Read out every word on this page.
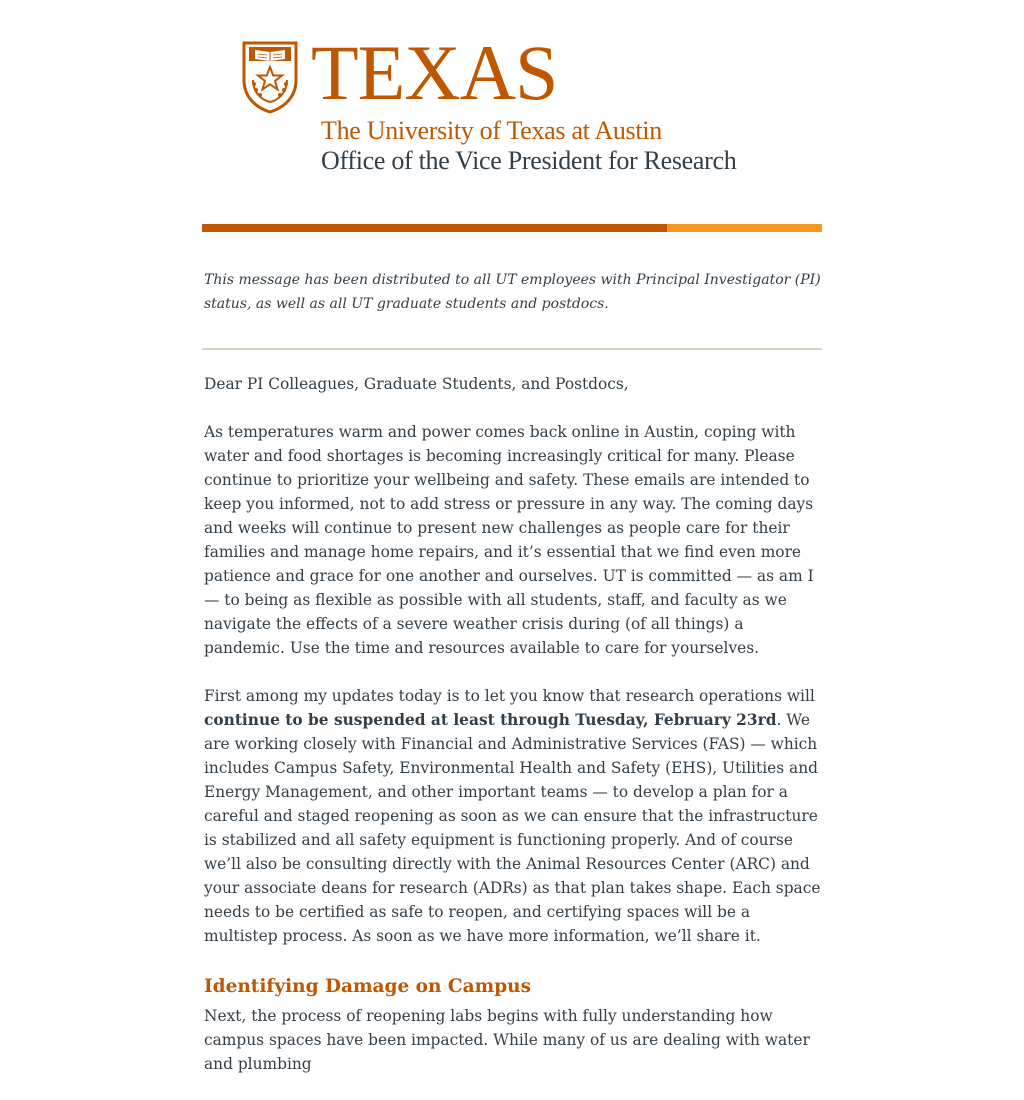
TEXAS
The University of Texas at Austin
Office of the Vice President for Research
This message has been distributed to all UT employees with Principal Investigator (PI) status, as well as all UT graduate students and postdocs.

Dear PI Colleagues, Graduate Students, and Postdocs,

As temperatures warm and power comes back online in Austin, coping with water and food shortages is becoming increasingly critical for many. Please continue to prioritize your wellbeing and safety. These emails are intended to keep you informed, not to add stress or pressure in any way. The coming days and weeks will continue to present new challenges as people care for their families and manage home repairs, and it’s essential that we find even more patience and grace for one another and ourselves. UT is committed — as am I — to being as flexible as possible with all students, staff, and faculty as we navigate the effects of a severe weather crisis during (of all things) a pandemic. Use the time and resources available to care for yourselves.

First among my updates today is to let you know that research operations will continue to be suspended at least through Tuesday, February 23rd. We are working closely with Financial and Administrative Services (FAS) — which includes Campus Safety, Environmental Health and Safety (EHS), Utilities and Energy Management, and other important teams — to develop a plan for a careful and staged reopening as soon as we can ensure that the infrastructure is stabilized and all safety equipment is functioning properly. And of course we’ll also be consulting directly with the Animal Resources Center (ARC) and your associate deans for research (ADRs) as that plan takes shape. Each space needs to be certified as safe to reopen, and certifying spaces will be a multistep process. As soon as we have more information, we’ll share it.

Identifying Damage on Campus

Next, the process of reopening labs begins with fully understanding how campus spaces have been impacted. While many of us are dealing with water and plumbing
